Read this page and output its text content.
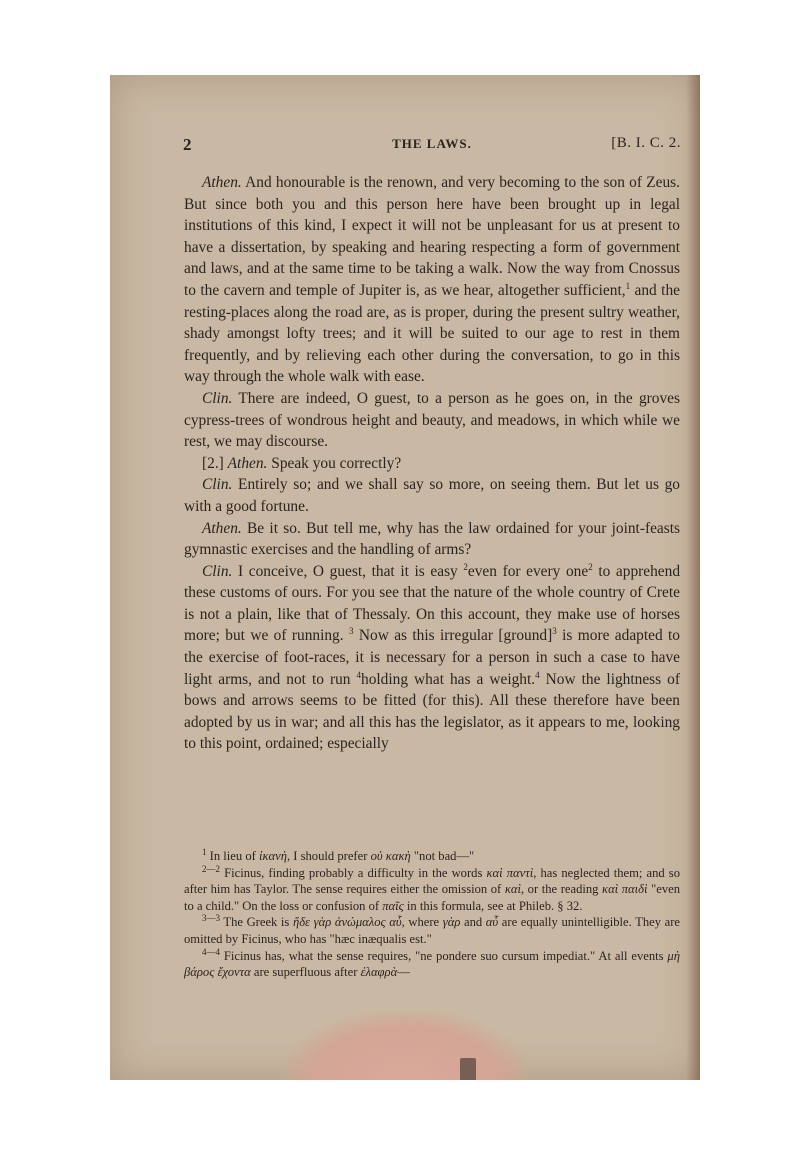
2	THE LAWS.	[B. I. C. 2.

Athen. And honourable is the renown, and very becoming to the son of Zeus. But since both you and this person here have been brought up in legal institutions of this kind, I expect it will not be unpleasant for us at present to have a dissertation, by speaking and hearing respecting a form of government and laws, and at the same time to be taking a walk. Now the way from Cnossus to the cavern and temple of Jupiter is, as we hear, altogether sufficient,$^1$ and the resting-places along the road are, as is proper, during the present sultry weather, shady amongst lofty trees; and it will be suited to our age to rest in them frequently, and by relieving each other during the conversation, to go in this way through the whole walk with ease.

Clin. There are indeed, O guest, to a person as he goes on, in the groves cypress-trees of wondrous height and beauty, and meadows, in which while we rest, we may discourse.

[2.] Athen. Speak you correctly?

Clin. Entirely so; and we shall say so more, on seeing them. But let us go with a good fortune.

Athen. Be it so. But tell me, why has the law ordained for your joint-feasts gymnastic exercises and the handling of arms?

Clin. I conceive, O guest, that it is easy $^2$even for every one$^2$ to apprehend these customs of ours. For you see that the nature of the whole country of Crete is not a plain, like that of Thessaly. On this account, they make use of horses more; but we of running. $^3$ Now as this irregular [ground]$^3$ is more adapted to the exercise of foot-races, it is necessary for a person in such a case to have light arms, and not to run $^4$holding what has a weight.$^4$ Now the lightness of bows and arrows seems to be fitted (for this). All these therefore have been adopted by us in war; and all this has the legislator, as it appears to me, looking to this point, ordained; especially

$^1$ In lieu of ἱκανὴ, I should prefer οὐ κακὴ "not bad—"

$^{2—2}$ Ficinus, finding probably a difficulty in the words καὶ παντὶ, has neglected them; and so after him has Taylor. The sense requires either the omission of καὶ, or the reading καὶ παιδὶ "even to a child." On the loss or confusion of παῖς in this formula, see at Phileb. § 32.

$^{3—3}$ The Greek is ἥδε γὰρ ἀνώμαλος αὖ, where γὰρ and αὖ are equally unintelligible. They are omitted by Ficinus, who has "hæc inæqualis est."

$^{4—4}$ Ficinus has, what the sense requires, "ne pondere suo cursum impediat." At all events μὴ βάρος ἔχοντα are superfluous after ἐλαφρὰ—
